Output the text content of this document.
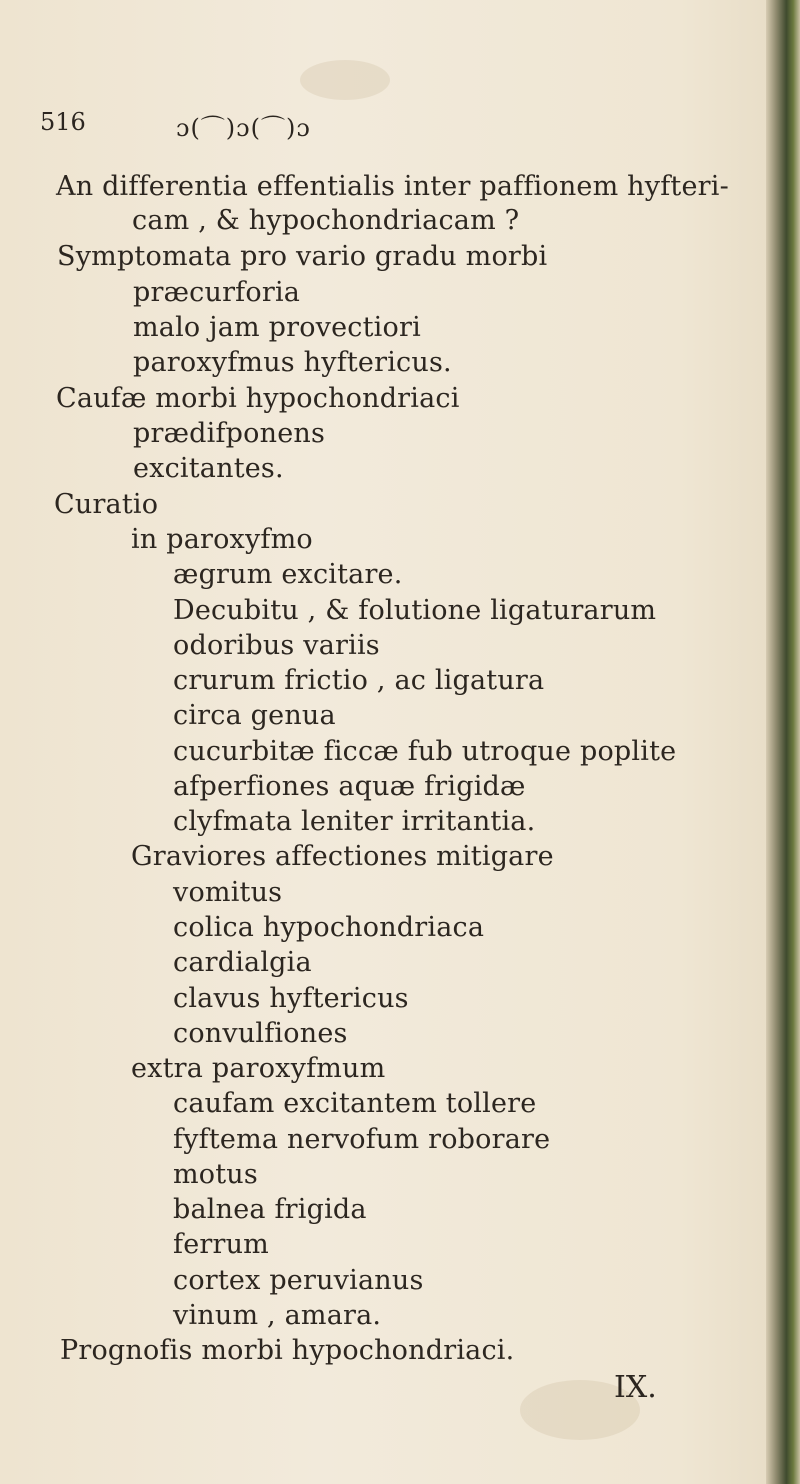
516	ɔ(⌒)ɔ(⌒)ɔ
An differentia effentialis inter paffionem hyfteri-
cam , & hypochondriacam ?
Symptomata pro vario gradu morbi
præcurforia
malo jam provectiori
paroxyfmus hyftericus.
Caufæ morbi hypochondriaci
prædifponens
excitantes.
Curatio
in paroxyfmo
ægrum excitare.
Decubitu , & folutione ligaturarum
odoribus variis
crurum frictio , ac ligatura
circa genua
cucurbitæ ficcæ fub utroque poplite
afperfiones aquæ frigidæ
clyfmata leniter irritantia.
Graviores affectiones mitigare
vomitus
colica hypochondriaca
cardialgia
clavus hyftericus
convulfiones
extra paroxyfmum
caufam excitantem tollere
fyftema nervofum roborare
motus
balnea frigida
ferrum
cortex peruvianus
vinum , amara.
Prognofis morbi hypochondriaci.
IX.
